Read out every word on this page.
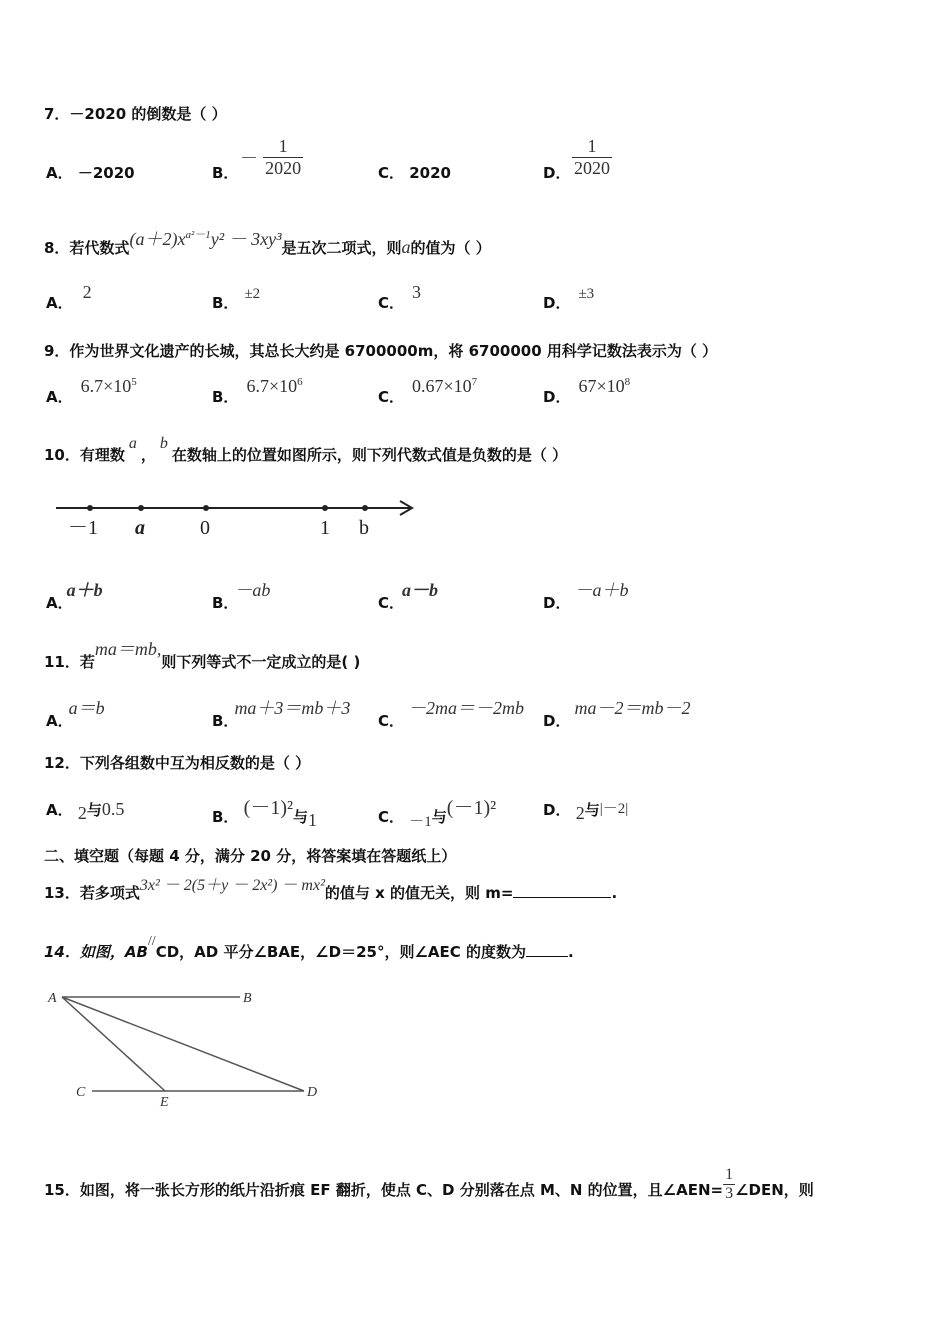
7．－2020 的倒数是（ ）
A． －2020	B．
－ $\frac{1}{2020}$	C． 2020	D． $\frac{1}{2020}$
8．若代数式$(a+2)x^{a^2-1}y^2 - 3xy^3$是五次二项式，则a的值为（ ）
A．2
B． ±2	C．3
D． ±3
9．作为世界文化遗产的长城，其总长大约是 6700000m，将 6700000 用科学记数法表示为（ ）
A．$6.7\times 10^5$
B．$6.7\times 10^6$
C．$0.67\times 10^7$
D．$67\times 10^8$
10．有理数a，b在数轴上的位置如图所示，则下列代数式值是负数的是（ ）
－1 a	0	1 b
A．a＋b
B．－ab
C．a－b
D．－a＋b
11．若ma＝mb,则下列等式不一定成立的是( )
A．a＝b
B．ma＋3＝mb＋3
C．－2ma＝－2mb
D．ma－2＝mb－2
12．下列各组数中互为相反数的是（ ）
A． 2与0.5	B． (－1)²与1	C． －1与(－1)²	D． 2与|－2|
二、填空题（每题 4 分，满分 20 分，将答案填在答题纸上）
13．若多项式3x² － 2(5＋y － 2x²) － mx²的值与 x 的值无关，则 m=	.
14．如图，AB//CD，AD 平分∠BAE，∠D＝25°，则∠AEC 的度数为	.
A	B
C
E
D
15．如图，将一张长方形的纸片沿折痕 EF 翻折，使点 C、D 分别落在点 M、N 的位置，且∠AEN= $\frac{1}{3}$ ∠DEN，则
